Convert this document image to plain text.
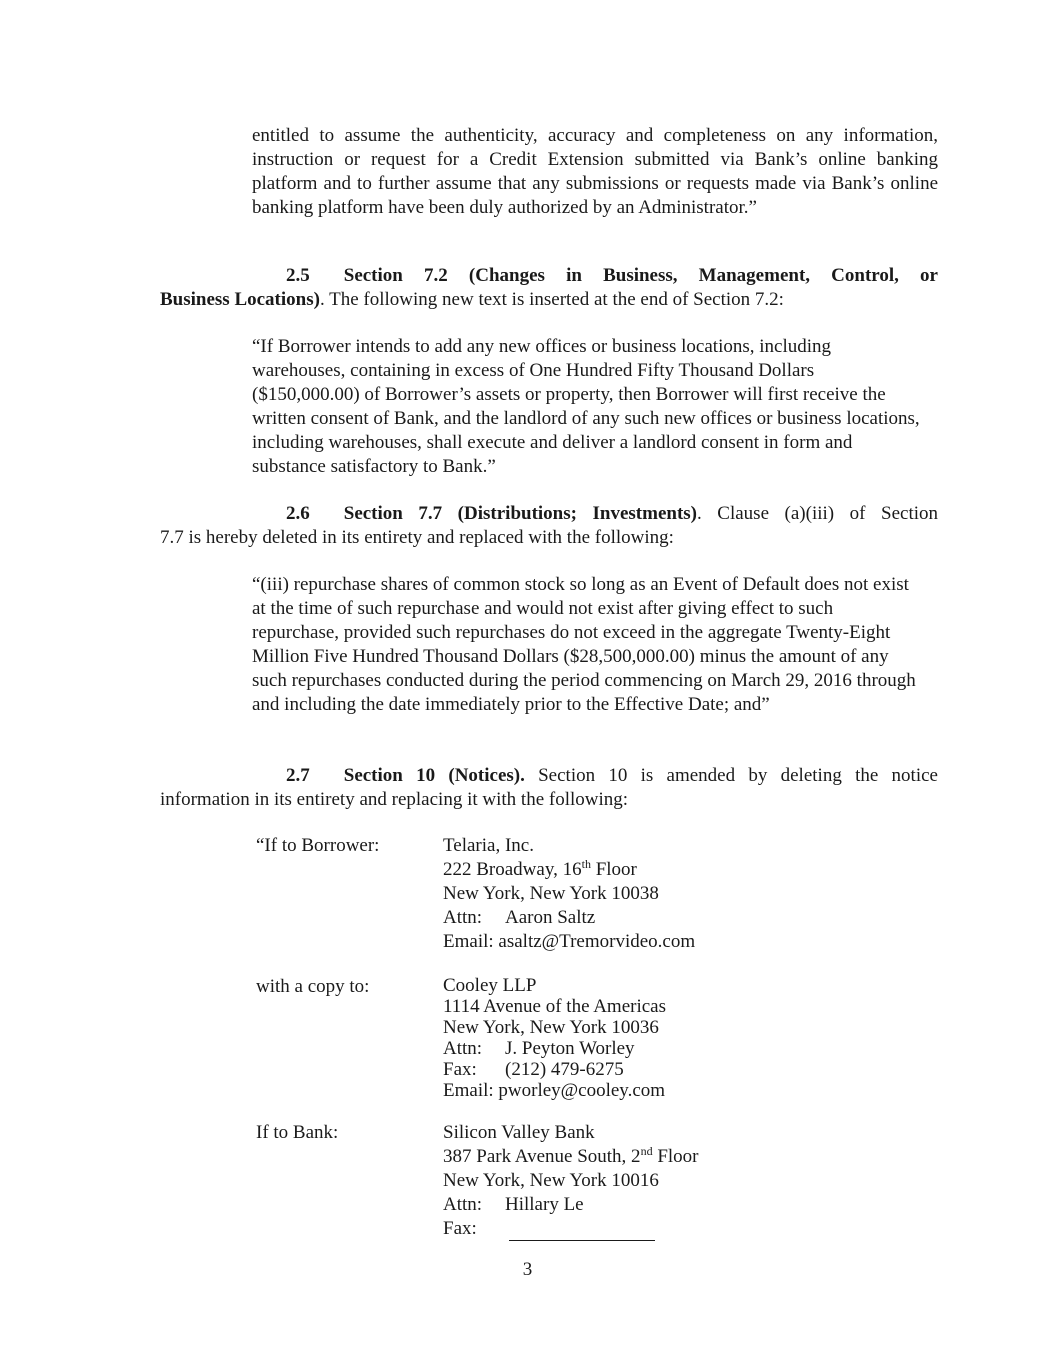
entitled to assume the authenticity, accuracy and completeness on any information, instruction or request for a Credit Extension submitted via Bank’s online banking platform and to further assume that any submissions or requests made via Bank’s online banking platform have been duly authorized by an Administrator.”
2.5 Section 7.2 (Changes in Business, Management, Control, or
Business Locations). The following new text is inserted at the end of Section 7.2:
“If Borrower intends to add any new offices or business locations, including warehouses, containing in excess of One Hundred Fifty Thousand Dollars ($150,000.00) of Borrower’s assets or property, then Borrower will first receive the written consent of Bank, and the landlord of any such new offices or business locations, including warehouses, shall execute and deliver a landlord consent in form and substance satisfactory to Bank.”
2.6 Section 7.7 (Distributions; Investments). Clause (a)(iii) of Section
7.7 is hereby deleted in its entirety and replaced with the following:
“(iii) repurchase shares of common stock so long as an Event of Default does not exist at the time of such repurchase and would not exist after giving effect to such repurchase, provided such repurchases do not exceed in the aggregate Twenty-Eight Million Five Hundred Thousand Dollars ($28,500,000.00) minus the amount of any such repurchases conducted during the period commencing on March 29, 2016 through and including the date immediately prior to the Effective Date; and”
2.7 Section 10 (Notices). Section 10 is amended by deleting the notice
information in its entirety and replacing it with the following:
“If to Borrower:	Telaria, Inc.
222 Broadway, 16th Floor
New York, New York 10038
Attn: Aaron Saltz
Email: asaltz@Tremorvideo.com
with a copy to:	Cooley LLP
1114 Avenue of the Americas
New York, New York 10036
Attn: J. Peyton Worley
Fax: (212) 479-6275
Email: pworley@cooley.com
If to Bank:	Silicon Valley Bank
387 Park Avenue South, 2nd Floor
New York, New York 10016
Attn: Hillary Le
Fax:
3
